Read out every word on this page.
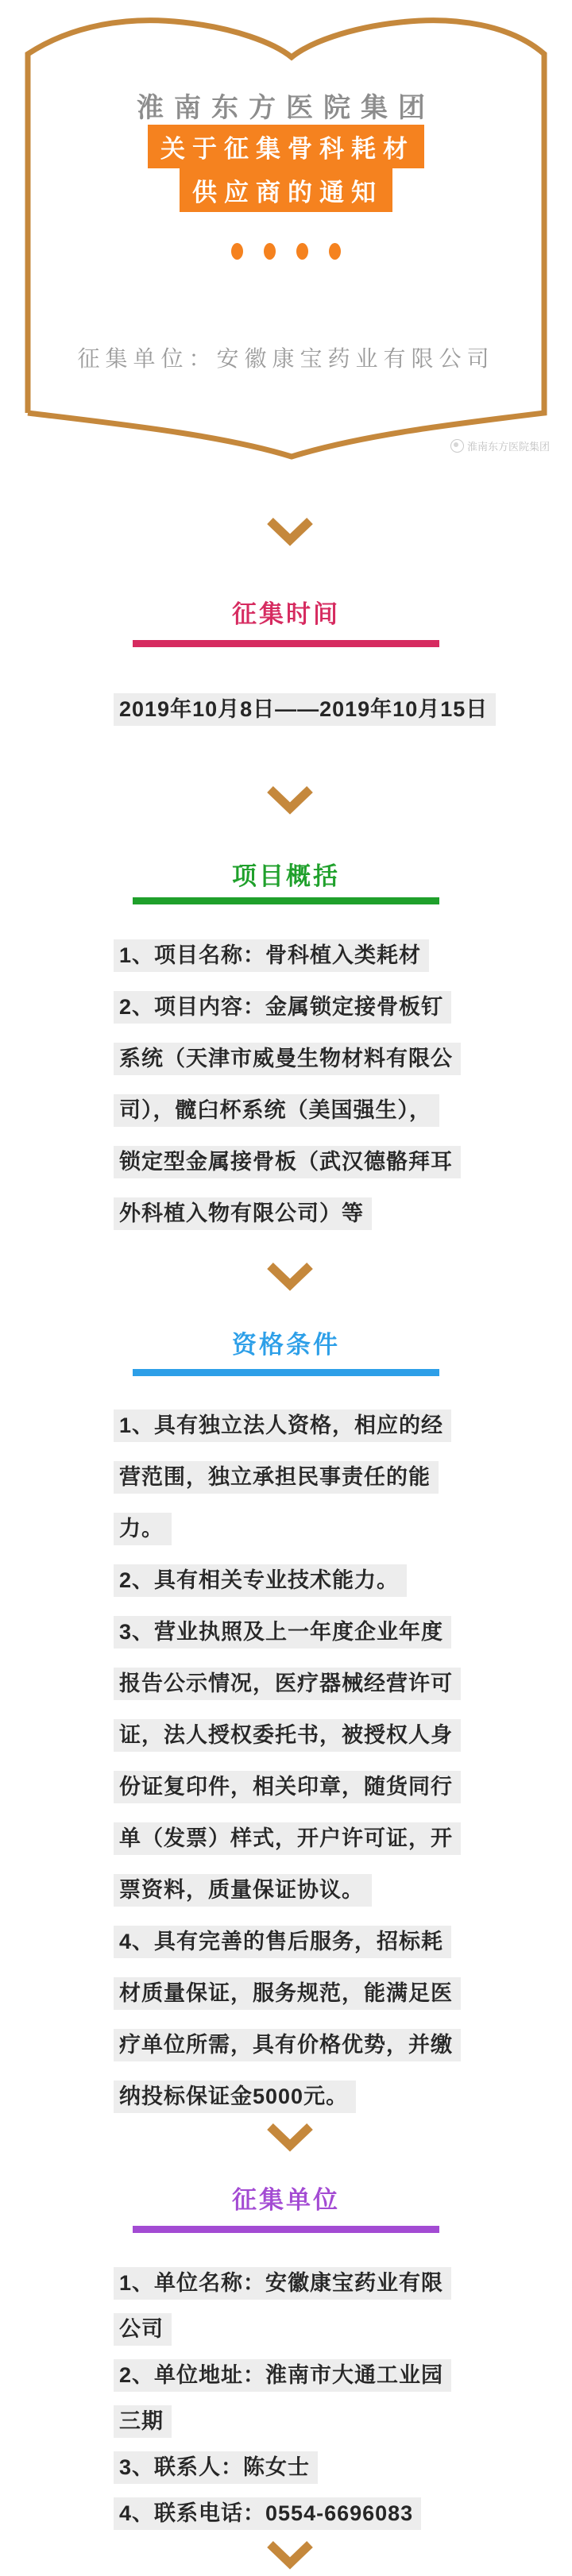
淮南东方医院集团
关于征集骨科耗材
供应商的通知
征集单位：安徽康宝药业有限公司
淮南东方医院集团
征集时间
2019年10月8日——2019年10月15日
项目概括
1、项目名称：骨科植入类耗材
2、项目内容：金属锁定接骨板钉
系统（天津市威曼生物材料有限公
司），髋臼杯系统（美国强生），
锁定型金属接骨板（武汉德骼拜耳
外科植入物有限公司）等
资格条件
1、具有独立法人资格，相应的经
营范围，独立承担民事责任的能
力。
2、具有相关专业技术能力。
3、营业执照及上一年度企业年度
报告公示情况，医疗器械经营许可
证，法人授权委托书，被授权人身
份证复印件，相关印章，随货同行
单（发票）样式，开户许可证，开
票资料，质量保证协议。
4、具有完善的售后服务，招标耗
材质量保证，服务规范，能满足医
疗单位所需，具有价格优势，并缴
纳投标保证金5000元。
征集单位
1、单位名称：安徽康宝药业有限
公司
2、单位地址：淮南市大通工业园
三期
3、联系人：陈女士
4、联系电话：0554-6696083
